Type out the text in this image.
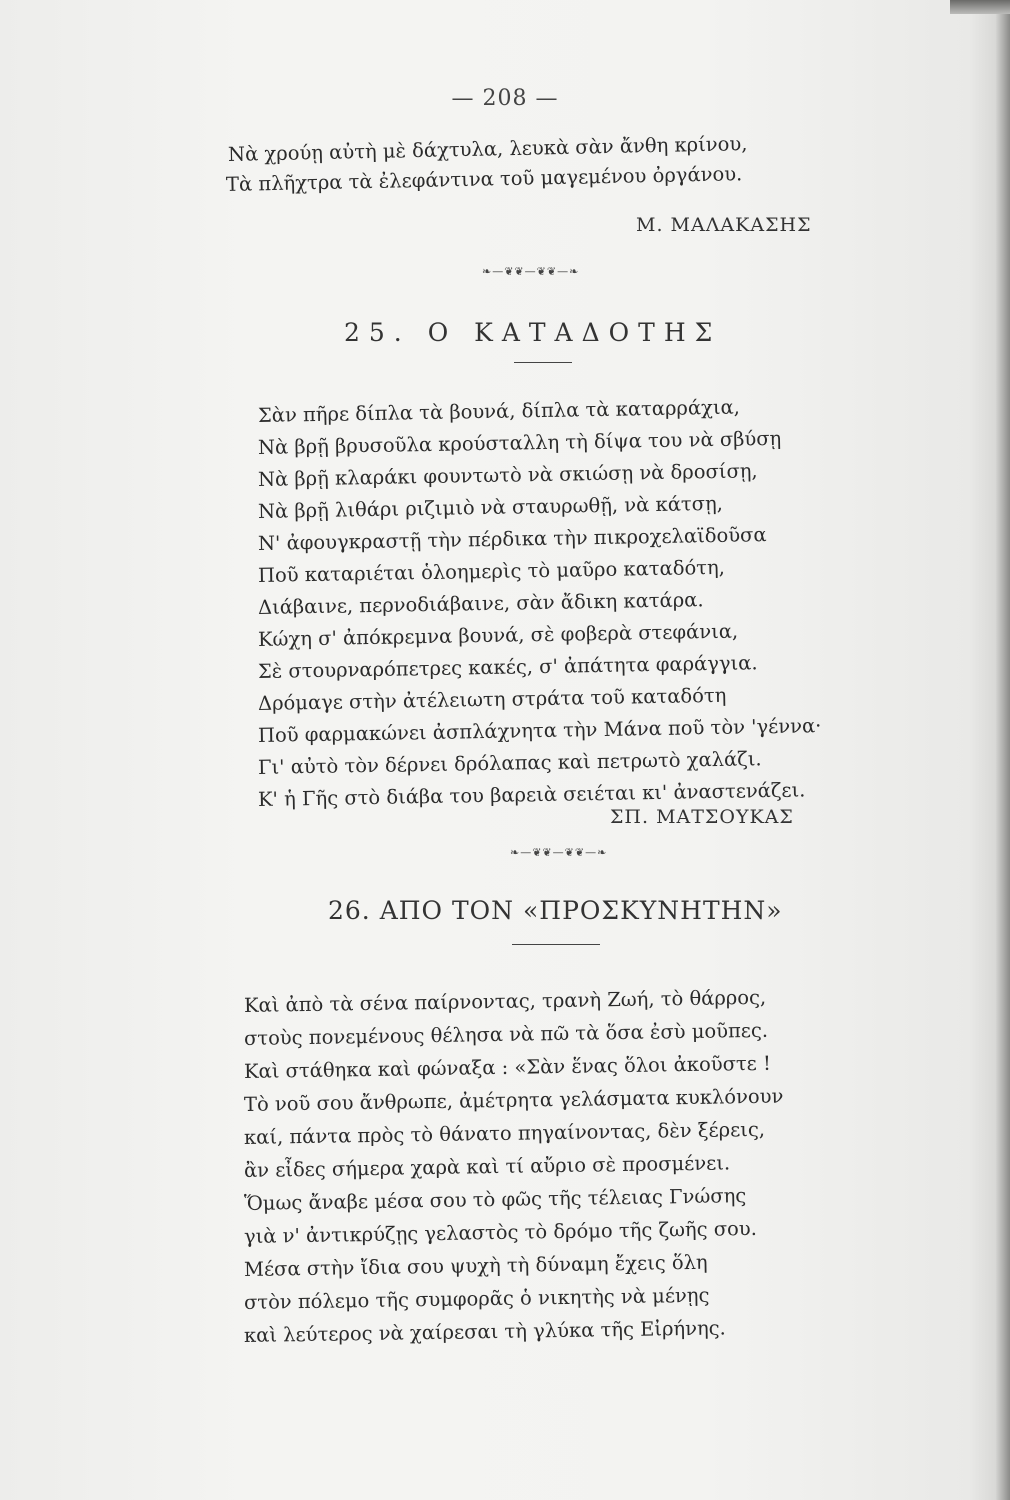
— 208 —
Νὰ χρούῃ αὐτὴ μὲ δάχτυλα, λευκὰ σὰν ἄνθη κρίνου,
Τὰ πλῆχτρα τὰ ἐλεφάντινα τοῦ μαγεμένου ὀργάνου.
Μ. ΜΑΛΑΚΑΣΗΣ
❧—❦❦—❦❦—❧
25. Ο ΚΑΤΑΔΟΤΗΣ
Σὰν πῆρε δίπλα τὰ βουνά, δίπλα τὰ καταρράχια,
Νὰ βρῇ βρυσοῦλα κρούσταλλη τὴ δίψα του νὰ σβύσῃ
Νὰ βρῇ κλαράκι φουντωτὸ νὰ σκιώσῃ νὰ δροσίσῃ,
Νὰ βρῇ λιθάρι ριζιμιὸ νὰ σταυρωθῇ, νὰ κάτσῃ,
Ν' ἀφουγκραστῇ τὴν πέρδικα τὴν πικροχελαϊδοῦσα
Ποῦ καταριέται ὁλοημερὶς τὸ μαῦρο καταδότη,
Διάβαινε, περνοδιάβαινε, σὰν ἄδικη κατάρα.
Κώχη σ' ἀπόκρεμνα βουνά, σὲ φοβερὰ στεφάνια,
Σὲ στουρναρόπετρες κακές, σ' ἀπάτητα φαράγγια.
Δρόμαγε στὴν ἀτέλειωτη στράτα τοῦ καταδότη
Ποῦ φαρμακώνει ἀσπλάχνητα τὴν Μάνα ποῦ τὸν 'γέννα·
Γι' αὐτὸ τὸν δέρνει δρόλαπας καὶ πετρωτὸ χαλάζι.
Κ' ἡ Γῆς στὸ διάβα του βαρειὰ σειέται κι' ἀναστενάζει.
ΣΠ. ΜΑΤΣΟΥΚΑΣ
❧—❦❦—❦❦—❧
26. ΑΠΟ ΤΟΝ «ΠΡΟΣΚΥΝΗΤΗΝ»
Καὶ ἀπὸ τὰ σένα παίρνοντας, τρανὴ Ζωή, τὸ θάρρος,
στοὺς πονεμένους θέλησα νὰ πῶ τὰ ὅσα ἐσὺ μοῦπες.
Καὶ στάθηκα καὶ φώναξα : «Σὰν ἕνας ὅλοι ἀκοῦστε !
Τὸ νοῦ σου ἄνθρωπε, ἀμέτρητα γελάσματα κυκλόνουν
καί, πάντα πρὸς τὸ θάνατο πηγαίνοντας, δὲν ξέρεις,
ἂν εἶδες σήμερα χαρὰ καὶ τί αὔριο σὲ προσμένει.
Ὅμως ἄναβε μέσα σου τὸ φῶς τῆς τέλειας Γνώσης
γιὰ ν' ἀντικρύζῃς γελαστὸς τὸ δρόμο τῆς ζωῆς σου.
Μέσα στὴν ἴδια σου ψυχὴ τὴ δύναμη ἔχεις ὅλη
στὸν πόλεμο τῆς συμφορᾶς ὁ νικητὴς νὰ μένῃς
καὶ λεύτερος νὰ χαίρεσαι τὴ γλύκα τῆς Εἰρήνης.
